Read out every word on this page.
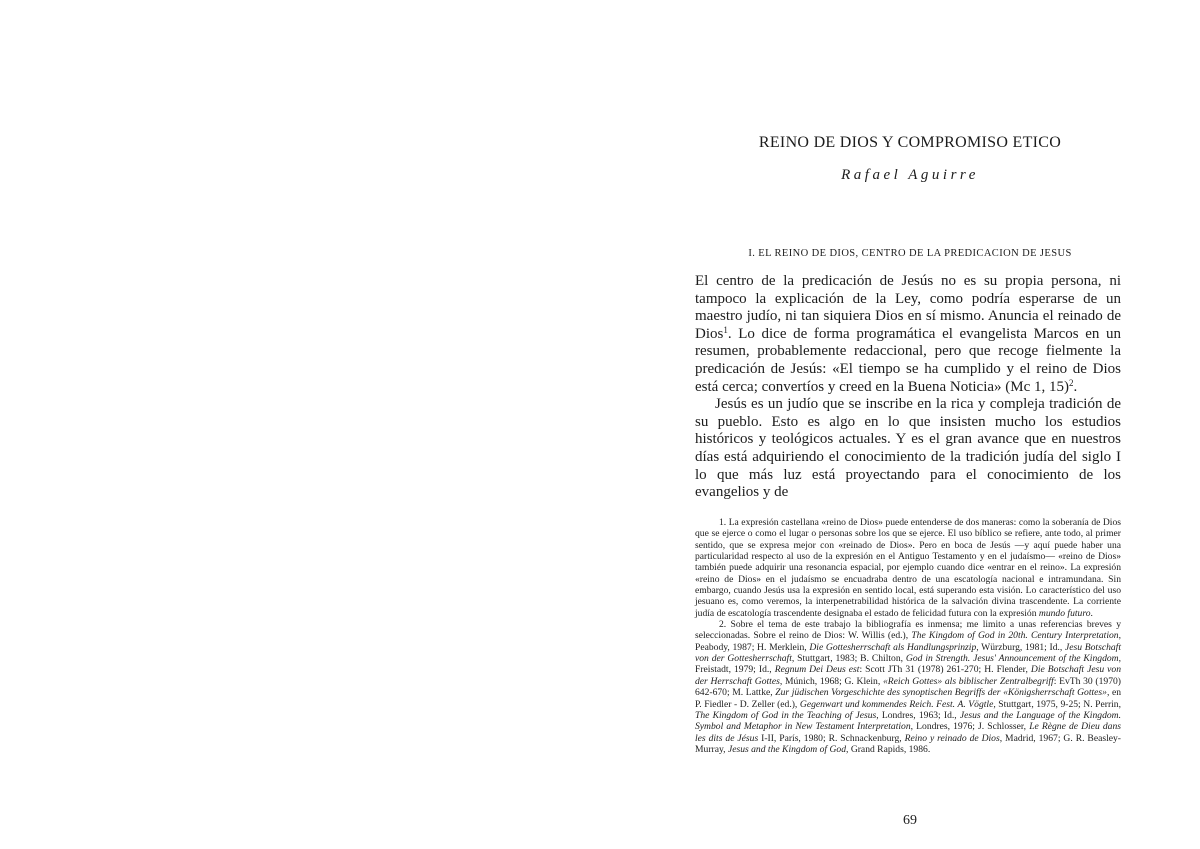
REINO DE DIOS Y COMPROMISO ETICO
Rafael Aguirre
I. EL REINO DE DIOS, CENTRO DE LA PREDICACION DE JESUS

El centro de la predicación de Jesús no es su propia persona, ni tampoco la explicación de la Ley, como podría esperarse de un maestro judío, ni tan siquiera Dios en sí mismo. Anuncia el reinado de Dios$^1$. Lo dice de forma programática el evangelista Marcos en un resumen, probablemente redaccional, pero que recoge fielmente la predicación de Jesús: «El tiempo se ha cumplido y el reino de Dios está cerca; convertíos y creed en la Buena Noticia» (Mc 1, 15)$^2$.

Jesús es un judío que se inscribe en la rica y compleja tradición de su pueblo. Esto es algo en lo que insisten mucho los estudios históricos y teológicos actuales. Y es el gran avance que en nuestros días está adquiriendo el conocimiento de la tradición judía del siglo I lo que más luz está proyectando para el conocimiento de los evangelios y de

1. La expresión castellana «reino de Dios» puede entenderse de dos maneras: como la soberanía de Dios que se ejerce o como el lugar o personas sobre los que se ejerce. El uso bíblico se refiere, ante todo, al primer sentido, que se expresa mejor con «reinado de Dios». Pero en boca de Jesús —y aquí puede haber una particularidad respecto al uso de la expresión en el Antiguo Testamento y en el judaísmo— «reino de Dios» también puede adquirir una resonancia espacial, por ejemplo cuando dice «entrar en el reino». La expresión «reino de Dios» en el judaísmo se encuadraba dentro de una escatología nacional e intramundana. Sin embargo, cuando Jesús usa la expresión en sentido local, está superando esta visión. Lo característico del uso jesuano es, como veremos, la interpenetrabilidad histórica de la salvación divina trascendente. La corriente judía de escatología trascendente designaba el estado de felicidad futura con la expresión mundo futuro.

2. Sobre el tema de este trabajo la bibliografía es inmensa; me limito a unas referencias breves y seleccionadas. Sobre el reino de Dios: W. Willis (ed.), The Kingdom of God in 20th. Century Interpretation, Peabody, 1987; H. Merklein, Die Gottesherrschaft als Handlungsprinzip, Würzburg, 1981; Id., Jesu Botschaft von der Gottesherrschaft, Stuttgart, 1983; B. Chilton, God in Strength. Jesus' Announcement of the Kingdom, Freistadt, 1979; Id., Regnum Dei Deus est: Scott JTh 31 (1978) 261-270; H. Flender, Die Botschaft Jesu von der Herrschaft Gottes, Múnich, 1968; G. Klein, «Reich Gottes» als biblischer Zentralbegriff: EvTh 30 (1970) 642-670; M. Lattke, Zur jüdischen Vorgeschichte des synoptischen Begriffs der «Königsherrschaft Gottes», en P. Fiedler - D. Zeller (ed.), Gegenwart und kommendes Reich. Fest. A. Vögtle, Stuttgart, 1975, 9-25; N. Perrin, The Kingdom of God in the Teaching of Jesus, Londres, 1963; Id., Jesus and the Language of the Kingdom. Symbol and Metaphor in New Testament Interpretation, Londres, 1976; J. Schlosser, Le Règne de Dieu dans les dits de Jésus I-II, París, 1980; R. Schnackenburg, Reino y reinado de Dios, Madrid, 1967; G. R. Beasley-Murray, Jesus and the Kingdom of God, Grand Rapids, 1986.

69
